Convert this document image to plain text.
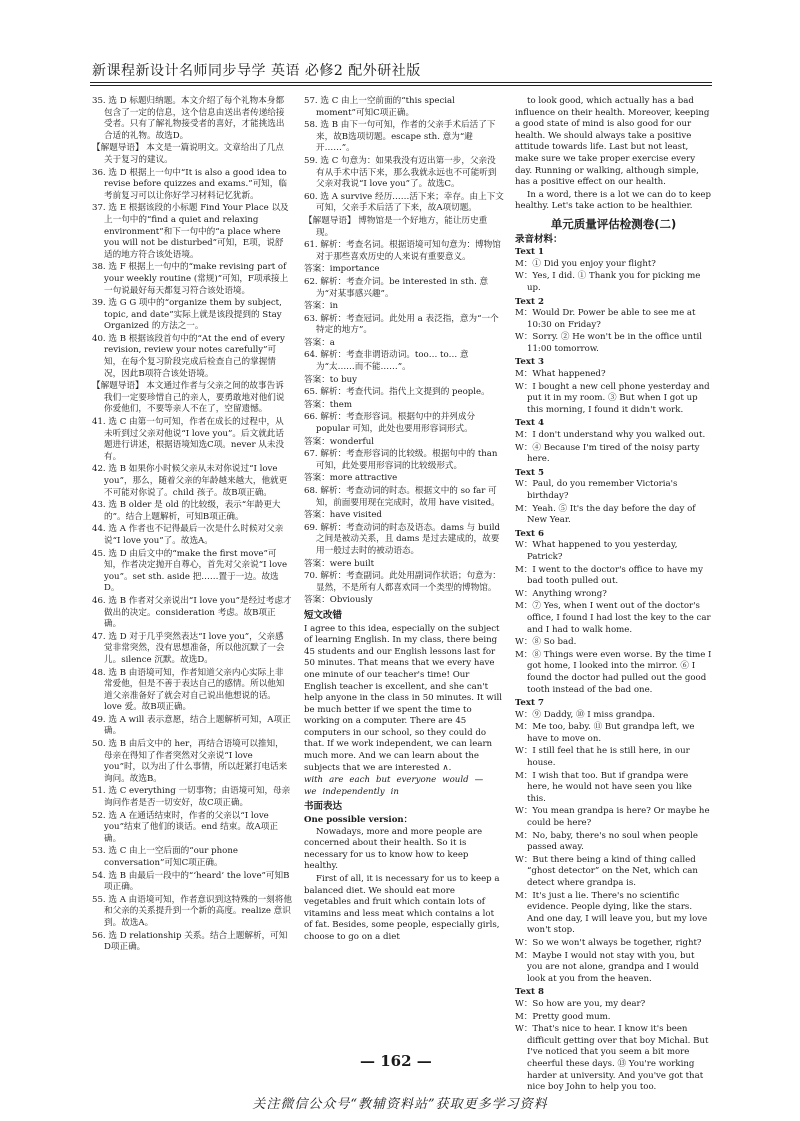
新课程新设计名师同步导学 英语 必修2 配外研社版

35. 选 D 标题归纳题。本文介绍了每个礼物本身都包含了一定的信息，这个信息由送出者传递给接受者。只有了解礼物接受者的喜好，才能挑选出合适的礼物。故选D。

【解题导语】 本文是一篇说明文。文章给出了几点关于复习的建议。

36. 选 D 根据上一句中“It is also a good idea to revise before quizzes and exams.”可知，临考前复习可以让你好学习材料记忆犹新。

37. 选 E 根据该段的小标题 Find Your Place 以及上一句中的“find a quiet and relaxing environment”和下一句中的“a place where you will not be disturbed”可知，E项，说舒适的地方符合该处语境。

38. 选 F 根据上一句中的“make revising part of your weekly routine (常规)”可知，F项承接上一句说最好每天都复习符合该处语境。

39. 选 G G 项中的“organize them by subject, topic, and date”实际上就是该段提到的 Stay Organized 的方法之一。

40. 选 B 根据该段首句中的“At the end of every revision, review your notes carefully”可知，在每个复习阶段完成后检查自己的掌握情况，因此B项符合该处语境。

【解题导语】 本文通过作者与父亲之间的故事告诉我们一定要珍惜自己的亲人，要勇敢地对他们说你爱他们，不要等亲人不在了，空留遗憾。

41. 选 C 由第一句可知，作者在成长的过程中，从未听到过父亲对他说“I love you”。后文就此话题进行讲述，根据语境知选C项。never 从未没有。

42. 选 B 如果你小时候父亲从未对你说过“I love you”，那么，随着父亲的年龄越来越大，他就更不可能对你说了。child 孩子。故B项正确。

43. 选 B older 是 old 的比较级，表示“年龄更大的”。结合上题解析，可知B项正确。

44. 选 A 作者也不记得最后一次是什么时候对父亲说“I love you”了。故选A。

45. 选 D 由后文中的“make the first move”可知，作者决定抛开自尊心，首先对父亲说“I love you”。set sth. aside 把……置于一边。故选D。

46. 选 B 作者对父亲说出“I love you”是经过考虑才做出的决定。consideration 考虑。故B项正确。

47. 选 D 对于几乎突然表达“I love you”，父亲感觉非常突然，没有思想准备，所以他沉默了一会儿。silence 沉默。故选D。

48. 选 B 由语境可知，作者知道父亲内心实际上非常爱他，但是不善于表达自己的感情。所以他知道父亲准备好了就会对自己说出他想说的话。love 爱。故B项正确。

49. 选 A will 表示意愿，结合上题解析可知，A项正确。

50. 选 B 由后文中的 her，再结合语境可以推知，母亲在得知了作者突然对父亲说“I love you”时，以为出了什么事情，所以赶紧打电话来询问。故选B。

51. 选 C everything 一切事物；由语境可知，母亲询问作者是否一切安好，故C项正确。

52. 选 A 在通话结束时，作者的父亲以“I love you”结束了他们的谈话。end 结束。故A项正确。

53. 选 C 由上一空后面的“our phone conversation”可知C项正确。

54. 选 B 由最后一段中的“‘heard’ the love”可知B项正确。

55. 选 A 由语境可知，作者意识到这特殊的一刻将他和父亲的关系提升到一个新的高度。realize 意识到。故选A。

56. 选 D relationship 关系。结合上题解析，可知D项正确。

57. 选 C 由上一空前面的“this special moment”可知C项正确。

58. 选 B 由下一句可知，作者的父亲手术后活了下来，故B选项切题。escape sth. 意为“避开……”。

59. 选 C 句意为：如果我没有迈出第一步，父亲没有从手术中活下来，那么我就永远也不可能听到父亲对我说“I love you”了。故选C。

60. 选 A survive 经历……活下来；幸存。由上下文可知，父亲手术后活了下来，故A项切题。

【解题导语】 博物馆是一个好地方，能让历史重现。

61. 解析：考查名词。根据语境可知句意为：博物馆对于那些喜欢历史的人来说有重要意义。

答案：importance

62. 解析：考查介词。be interested in sth. 意为“对某事感兴趣”。

答案：in

63. 解析：考查冠词。此处用 a 表泛指，意为“一个特定的地方”。

答案：a

64. 解析：考查非谓语动词。too… to… 意为“太……而不能……”。

答案：to buy

65. 解析：考查代词。指代上文提到的 people。

答案：them

66. 解析：考查形容词。根据句中的并列成分 popular 可知，此处也要用形容词形式。

答案：wonderful

67. 解析：考查形容词的比较级。根据句中的 than 可知，此处要用形容词的比较级形式。

答案：more attractive

68. 解析：考查动词的时态。根据文中的 so far 可知，前面要用现在完成时，故用 have visited。

答案：have visited

69. 解析：考查动词的时态及语态。dams 与 build 之间是被动关系，且 dams 是过去建成的，故要用一般过去时的被动语态。

答案：were built

70. 解析：考查副词。此处用副词作状语；句意为：显然，不是所有人都喜欢同一个类型的博物馆。

答案：Obviously

短文改错

I agree to this idea, especially on the subject of learning English. In my class, there being 45 students and our English lessons last for 50 minutes. That means that we every have one minute of our teacher's time! Our English teacher is excellent, and she can't help anyone in the class in 50 minutes. It will be much better if we spent the time to working on a computer. There are 45 computers in our school, so they could do that. If we work independent, we can learn much more. And we can learn about the subjects that we are interested ∧.

with are each but everyone would —we independently in
书面表达
One possible version：

Nowadays, more and more people are concerned about their health. So it is necessary for us to know how to keep healthy.

First of all, it is necessary for us to keep a balanced diet. We should eat more vegetables and fruit which contain lots of vitamins and less meat which contains a lot of fat. Besides, some people, especially girls, choose to go on a diet

to look good, which actually has a bad influence on their health. Moreover, keeping a good state of mind is also good for our health. We should always take a positive attitude towards life. Last but not least, make sure we take proper exercise every day. Running or walking, although simple, has a positive effect on our health.

In a word, there is a lot we can do to keep healthy. Let's take action to be healthier.

单元质量评估检测卷(二)
录音材料：
Text 1

M：① Did you enjoy your flight?

W：Yes, I did. ① Thank you for picking me up.

Text 2

M：Would Dr. Power be able to see me at 10:30 on Friday?

W：Sorry. ② He won't be in the office until 11:00 tomorrow.

Text 3

M：What happened?

W：I bought a new cell phone yesterday and put it in my room. ③ But when I got up this morning, I found it didn't work.

Text 4

M：I don't understand why you walked out.

W：④ Because I'm tired of the noisy party here.

Text 5

W：Paul, do you remember Victoria's birthday?

M：Yeah. ⑤ It's the day before the day of New Year.

Text 6

W：What happened to you yesterday, Patrick?

M：I went to the doctor's office to have my bad tooth pulled out.

W：Anything wrong?

M：⑦ Yes, when I went out of the doctor's office, I found I had lost the key to the car and I had to walk home.

W：⑧ So bad.

M：⑧ Things were even worse. By the time I got home, I looked into the mirror. ⑥ I found the doctor had pulled out the good tooth instead of the bad one.

Text 7

W：⑨ Daddy, ⑩ I miss grandpa.

M：Me too, baby. ⑪ But grandpa left, we have to move on.

W：I still feel that he is still here, in our house.

M：I wish that too. But if grandpa were here, he would not have seen you like this.

W：You mean grandpa is here? Or maybe he could be here?

M：No, baby, there's no soul when people passed away.

W：But there being a kind of thing called “ghost detector” on the Net, which can detect where grandpa is.

M：It's just a lie. There's no scientific evidence. People dying, like the stars. And one day, I will leave you, but my love won't stop.

W：So we won't always be together, right?

M：Maybe I would not stay with you, but you are not alone, grandpa and I would look at you from the heaven.

Text 8

W：So how are you, my dear?

M：Pretty good mum.

W：That's nice to hear. I know it's been difficult getting over that boy Michal. But I've noticed that you seem a bit more cheerful these days. ⑬ You're working harder at university. And you've got that nice boy John to help you too.

— 162 —
关注微信公众号“教辅资料站”获取更多学习资料
